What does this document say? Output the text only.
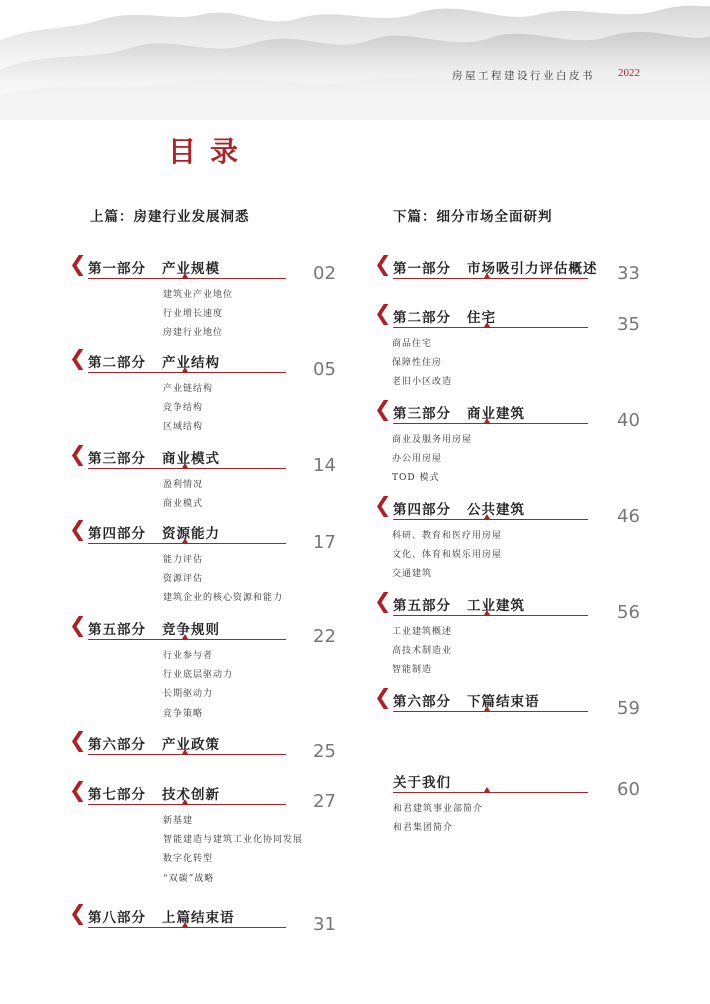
房屋工程建设行业白皮书 2022
目录
上篇：房建行业发展洞悉	下篇：细分市场全面研判
❮ 第一部分 产业规模	02
建筑业产业地位
行业增长速度
房建行业地位
❮ 第二部分 产业结构	05
产业链结构
竞争结构
区域结构
❮ 第三部分 商业模式	14
盈利情况
商业模式
❮ 第四部分 资源能力	17
能力评估
资源评估
建筑企业的核心资源和能力
❮ 第五部分 竞争规则	22
行业参与者
行业底层驱动力
长期驱动力
竞争策略
❮ 第六部分 产业政策	25
❮ 第七部分 技术创新	27
新基建
智能建造与建筑工业化协同发展
数字化转型
“双碳”战略
❮ 第八部分 上篇结束语	31
❮ 第一部分 市场吸引力评估概述 33
❮ 第二部分 住宅	35
商品住宅
保障性住房
老旧小区改造
❮ 第三部分 商业建筑	40
商业及服务用房屋
办公用房屋
TOD 模式
❮ 第四部分 公共建筑	46
科研、教育和医疗用房屋
文化、体育和娱乐用房屋
交通建筑
❮ 第五部分 工业建筑	56
工业建筑概述
高技术制造业
智能制造
❮ 第六部分 下篇结束语	59
关于我们	60
和君建筑事业部简介
和君集团简介
